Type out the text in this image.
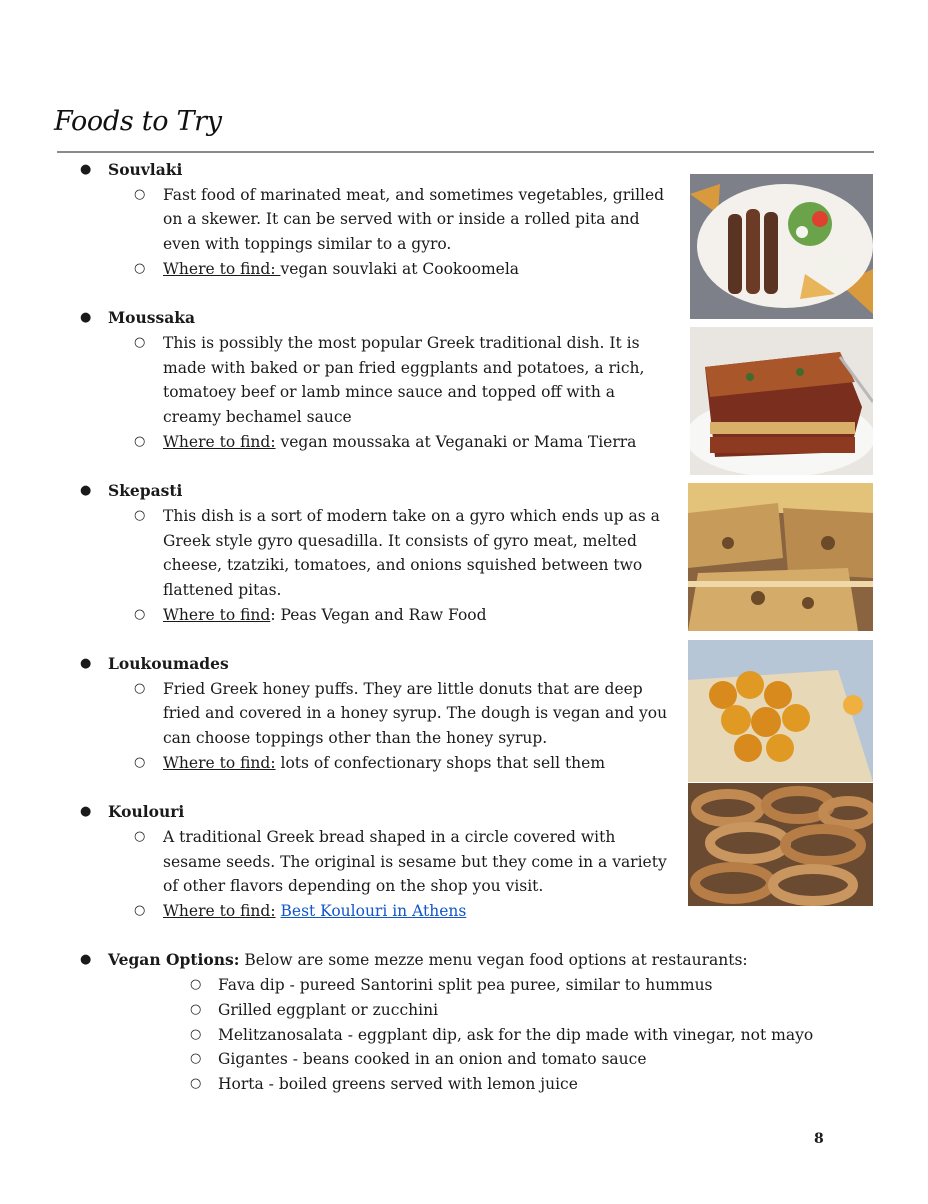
Foods to Try
● Souvlaki
○ Fast food of marinated meat, and sometimes vegetables, grilled on a skewer. It can be served with or inside a rolled pita and even with toppings similar to a gyro.
○ Where to find: vegan souvlaki at Cookoomela
● Moussaka
○ This is possibly the most popular Greek traditional dish. It is made with baked or pan fried eggplants and potatoes, a rich, tomatoey beef or lamb mince sauce and topped off with a creamy bechamel sauce
○ Where to find: vegan moussaka at Veganaki or Mama Tierra
● Skepasti
○ This dish is a sort of modern take on a gyro which ends up as a Greek style gyro quesadilla. It consists of gyro meat, melted cheese, tzatziki, tomatoes, and onions squished between two flattened pitas.
○ Where to find: Peas Vegan and Raw Food
● Loukoumades
○ Fried Greek honey puffs. They are little donuts that are deep fried and covered in a honey syrup. The dough is vegan and you can choose toppings other than the honey syrup.
○ Where to find: lots of confectionary shops that sell them
● Koulouri
○ A traditional Greek bread shaped in a circle covered with sesame seeds. The original is sesame but they come in a variety of other flavors depending on the shop you visit.
○ Where to find: Best Koulouri in Athens
● Vegan Options: Below are some mezze menu vegan food options at restaurants:
○ Fava dip - pureed Santorini split pea puree, similar to hummus
○ Grilled eggplant or zucchini
○ Melitzanosalata - eggplant dip, ask for the dip made with vinegar, not mayo
○ Gigantes - beans cooked in an onion and tomato sauce
○ Horta - boiled greens served with lemon juice
8
